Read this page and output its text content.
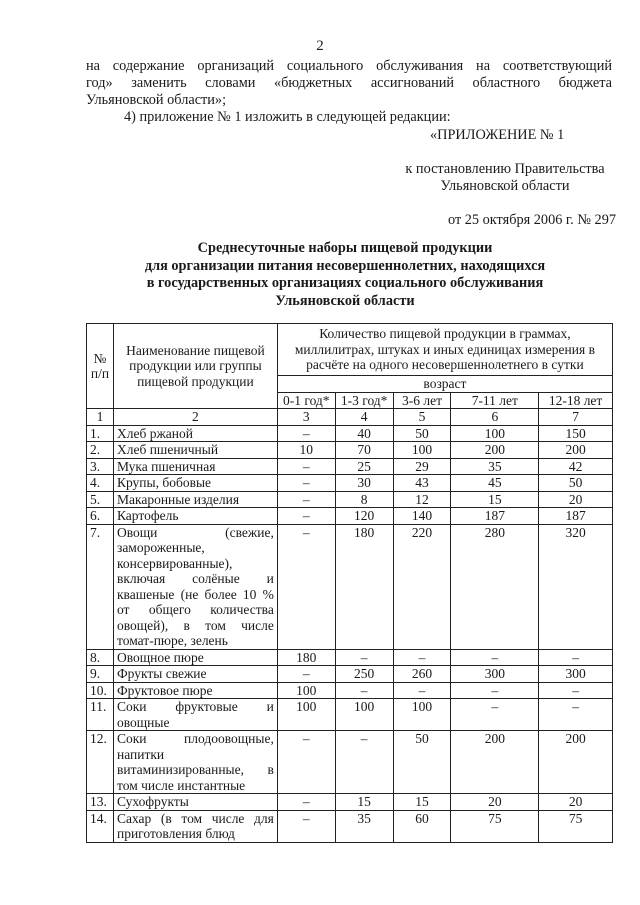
2
на содержание организаций социального обслуживания на соответствующий
год» заменить словами «бюджетных ассигнований областного бюджета
Ульяновской области»;
4) приложение № 1 изложить в следующей редакции:
«ПРИЛОЖЕНИЕ № 1
к постановлению Правительства
Ульяновской области
от 25 октября 2006 г. № 297
Среднесуточные наборы пищевой продукции
для организации питания несовершеннолетних, находящихся
в государственных организациях социального обслуживания
Ульяновской области
№ п/п	Наименование пищевой продукции или группы пищевой продукции	Количество пищевой продукции в граммах, миллилитрах, штуках и иных единицах измерения в расчёте на одного несовершеннолетнего в сутки				
		возраст				
		0-1 год*	1-3 год*	3-6 лет	7-11 лет	12-18 лет
1	2	3	4	5	6	7
1.	Хлеб ржаной	–	40	50	100	150
2.	Хлеб пшеничный	10	70	100	200	200
3.	Мука пшеничная	–	25	29	35	42
4.	Крупы, бобовые	–	30	43	45	50
5.	Макаронные изделия	–	8	12	15	20
6.	Картофель	–	120	140	187	187
7.	Овощи (свежие, замороженные, консервированные), включая солёные и квашеные (не более 10 % от общего количества овощей), в том числе томат-пюре, зелень	–	180	220	280	320
8.	Овощное пюре	180	–	–	–	–
9.	Фрукты свежие	–	250	260	300	300
10.	Фруктовое пюре	100	–	–	–	–
11.	Соки фруктовые и овощные	100	100	100	–	–
12.	Соки плодоовощные, напитки витаминизированные, в том числе инстантные	–	–	50	200	200
13.	Сухофрукты	–	15	15	20	20
14.	Сахар (в том числе для приготовления блюд	–	35	60	75	75
